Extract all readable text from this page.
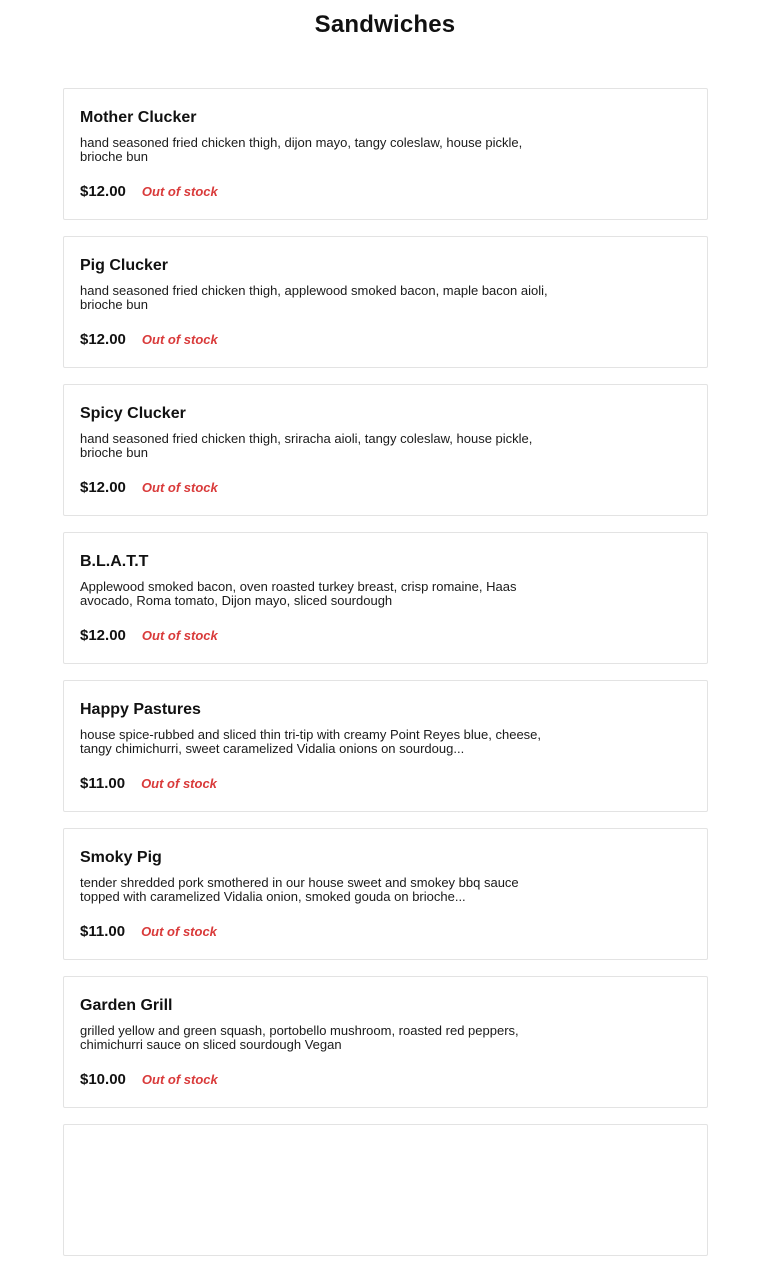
Sandwiches
Mother Clucker
hand seasoned fried chicken thigh, dijon mayo, tangy coleslaw, house pickle, brioche bun
$12.00 Out of stock
Pig Clucker
hand seasoned fried chicken thigh, applewood smoked bacon, maple bacon aioli, brioche bun
$12.00 Out of stock
Spicy Clucker
hand seasoned fried chicken thigh, sriracha aioli, tangy coleslaw, house pickle, brioche bun
$12.00 Out of stock
B.L.A.T.T
Applewood smoked bacon, oven roasted turkey breast, crisp romaine, Haas avocado, Roma tomato, Dijon mayo, sliced sourdough
$12.00 Out of stock
Happy Pastures
house spice-rubbed and sliced thin tri-tip with creamy Point Reyes blue, cheese, tangy chimichurri, sweet caramelized Vidalia onions on sourdoug...
$11.00 Out of stock
Smoky Pig
tender shredded pork smothered in our house sweet and smokey bbq sauce topped with caramelized Vidalia onion, smoked gouda on brioche...
$11.00 Out of stock
Garden Grill
grilled yellow and green squash, portobello mushroom, roasted red peppers, chimichurri sauce on sliced sourdough Vegan
$10.00 Out of stock
